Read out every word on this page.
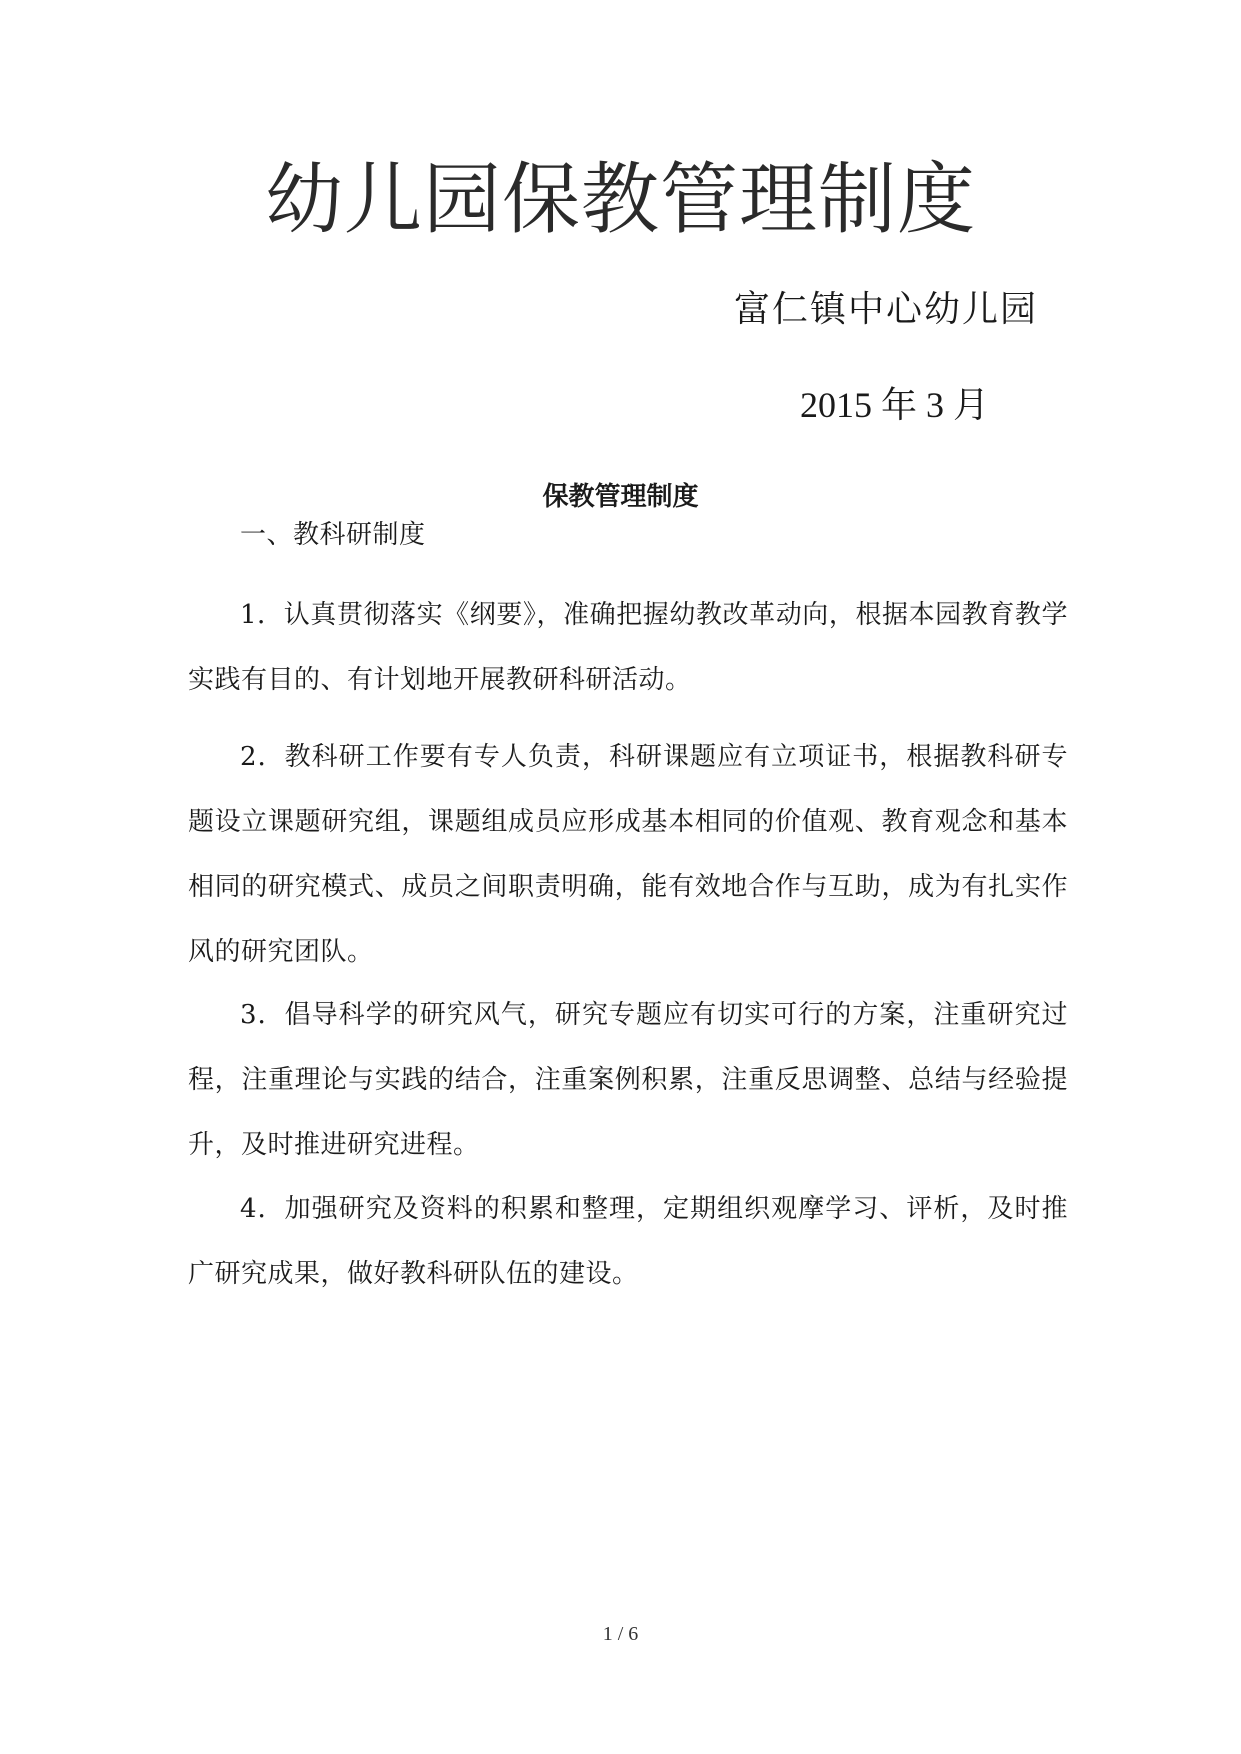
幼儿园保教管理制度
富仁镇中心幼儿园
2015 年 3 月
保教管理制度

一、教科研制度

1．认真贯彻落实《纲要》，准确把握幼教改革动向，根据本园教育教学实践有目的、有计划地开展教研科研活动。

2．教科研工作要有专人负责，科研课题应有立项证书，根据教科研专题设立课题研究组，课题组成员应形成基本相同的价值观、教育观念和基本相同的研究模式、成员之间职责明确，能有效地合作与互助，成为有扎实作风的研究团队。

3．倡导科学的研究风气，研究专题应有切实可行的方案，注重研究过程，注重理论与实践的结合，注重案例积累，注重反思调整、总结与经验提升，及时推进研究进程。

4．加强研究及资料的积累和整理，定期组织观摩学习、评析，及时推广研究成果，做好教科研队伍的建设。

1 / 6
